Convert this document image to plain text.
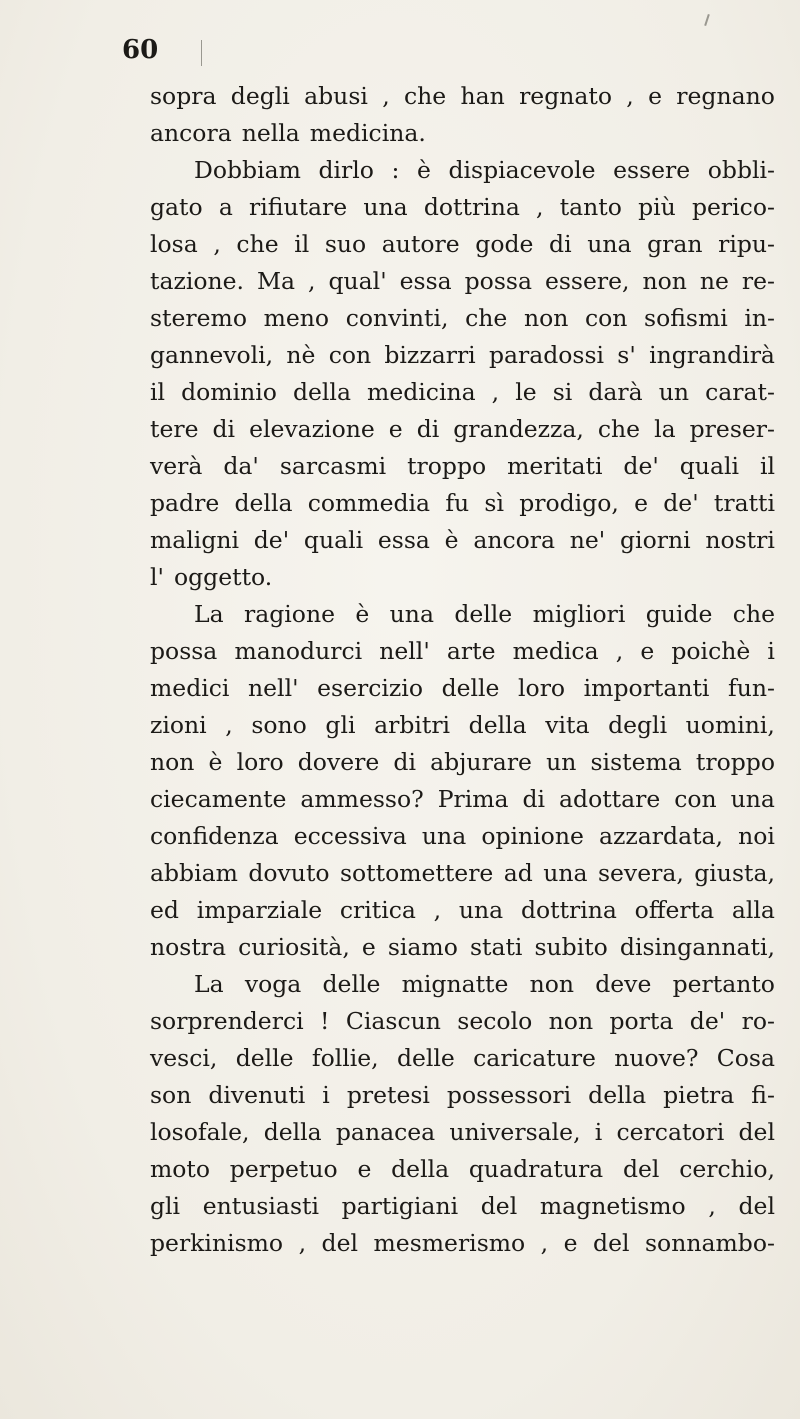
60
sopra degli abusi , che han regnato , e regnano
ancora nella medicina.
Dobbiam dirlo : è dispiacevole essere obbli-
gato a rifiutare una dottrina , tanto più perico-
losa , che il suo autore gode di una gran ripu-
tazione. Ma , qual' essa possa essere, non ne re-
steremo meno convinti, che non con sofismi in-
gannevoli, nè con bizzarri paradossi s' ingrandirà
il dominio della medicina , le si darà un carat-
tere di elevazione e di grandezza, che la preser-
verà da' sarcasmi troppo meritati de' quali il
padre della commedia fu sì prodigo, e de' tratti
maligni de' quali essa è ancora ne' giorni nostri
l' oggetto.
La ragione è una delle migliori guide che
possa manodurci nell' arte medica , e poichè i
medici nell' esercizio delle loro importanti fun-
zioni , sono gli arbitri della vita degli uomini,
non è loro dovere di abjurare un sistema troppo
ciecamente ammesso? Prima di adottare con una
confidenza eccessiva una opinione azzardata, noi
abbiam dovuto sottomettere ad una severa, giusta,
ed imparziale critica , una dottrina offerta alla
nostra curiosità, e siamo stati subito disingannati,
La voga delle mignatte non deve pertanto
sorprenderci ! Ciascun secolo non porta de' ro-
vesci, delle follie, delle caricature nuove? Cosa
son divenuti i pretesi possessori della pietra fi-
losofale, della panacea universale, i cercatori del
moto perpetuo e della quadratura del cerchio,
gli entusiasti partigiani del magnetismo , del
perkinismo , del mesmerismo , e del sonnambo-
